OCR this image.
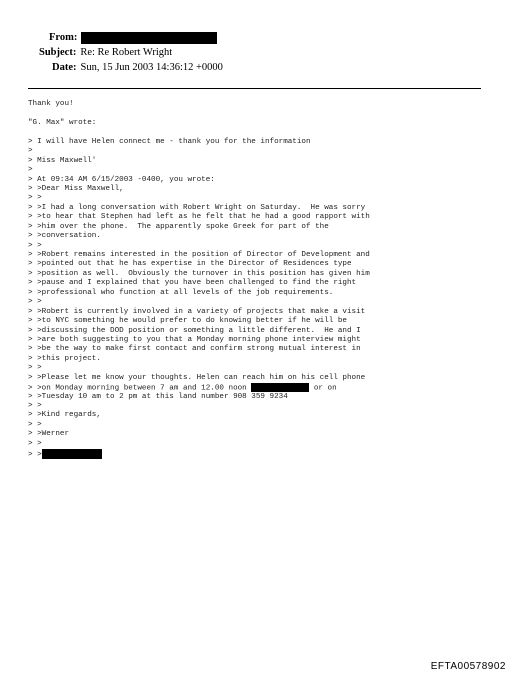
From:
Subject: Re: Re Robert Wright
Date: Sun, 15 Jun 2003 14:36:12 +0000
Thank you!
"G. Max" wrote:
> I will have Helen connect me - thank you for the information
>
> Miss Maxwell'
>
> At 09:34 AM 6/15/2003 -0400, you wrote:
> >Dear Miss Maxwell,
> >
> >I had a long conversation with Robert Wright on Saturday.  He was sorry
> >to hear that Stephen had left as he felt that he had a good rapport with
> >him over the phone.  The apparently spoke Greek for part of the
> >conversation.
> >
> >Robert remains interested in the position of Director of Development and
> >pointed out that he has expertise in the Director of Residences type
> >position as well.  Obviously the turnover in this position has given him
> >pause and I explained that you have been challenged to find the right
> >professional who function at all levels of the job requirements.
> >
> >Robert is currently involved in a variety of projects that make a visit
> >to NYC something he would prefer to do knowing better if he will be
> >discussing the DOD position or something a little different.  He and I
> >are both suggesting to you that a Monday morning phone interview might
> >be the way to make first contact and confirm strong mutual interest in
> >this project.
> >
> >Please let me know your thoughts. Helen can reach him on his cell phone
> >on Monday morning between 7 am and 12.00 noon	or on
> >Tuesday 10 am to 2 pm at this land number 908 359 9234
> >
> >Kind regards,
> >
> >Werner
> >
> >
EFTA00578902
